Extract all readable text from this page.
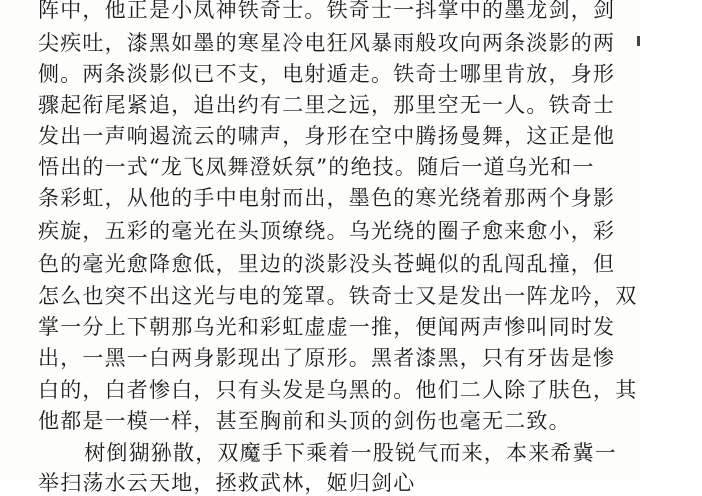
阵中，他正是小凤神铁奇士。铁奇士一抖掌中的墨龙剑，剑
尖疾吐，漆黑如墨的寒星冷电狂风暴雨般攻向两条淡影的两
侧。两条淡影似已不支，电射遁走。铁奇士哪里肯放，身形
骤起衔尾紧追，追出约有二里之远，那里空无一人。铁奇士
发出一声响遏流云的啸声，身形在空中腾扬曼舞，这正是他
悟出的一式“龙飞凤舞澄妖氛”的绝技。随后一道乌光和一
条彩虹，从他的手中电射而出，墨色的寒光绕着那两个身影
疾旋，五彩的毫光在头顶缭绕。乌光绕的圈子愈来愈小，彩
色的毫光愈降愈低，里边的淡影没头苍蝇似的乱闯乱撞，但
怎么也突不出这光与电的笼罩。铁奇士又是发出一阵龙吟，双
掌一分上下朝那乌光和彩虹虚虚一推，便闻两声惨叫同时发
出，一黑一白两身影现出了原形。黑者漆黑，只有牙齿是惨
白的，白者惨白，只有头发是乌黑的。他们二人除了肤色，其
他都是一模一样，甚至胸前和头顶的剑伤也毫无二致。
　树倒猢狲散，双魔手下乘着一股锐气而来，本来希冀一
举扫荡水云天地，拯救武林，姬归剑心
